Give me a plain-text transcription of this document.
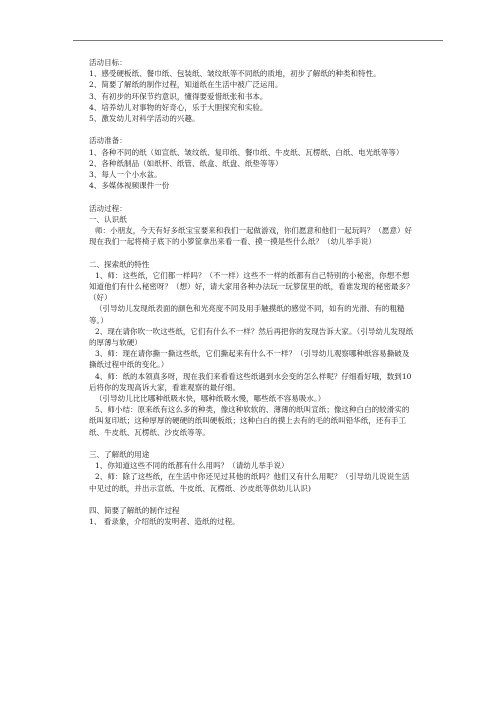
活动目标：

1、感受硬板纸、餐巾纸、包装纸、皱纹纸等不同纸的质地，初步了解纸的种类和特性。

2、简要了解纸的制作过程，知道纸在生活中被广泛运用。

3、有初步的环保节约意识，懂得要爱惜纸张和书本。

4、培养幼儿对事物的好奇心，乐于大胆探究和实验。

5、激发幼儿对科学活动的兴趣。

活动准备：

1、各种不同的纸（如宣纸、皱纹纸、复印纸、餐巾纸、牛皮纸、瓦楞纸、白纸、电光纸等等）

2、各种纸制品（如纸杯、纸管、纸盒、纸盘、纸垫等等）

3、每人一个小水盆。

4、多媒体视频课件一份

活动过程：

一、认识纸

师：小朋友，今天有好多纸宝宝要来和我们一起做游戏，你们愿意和他们一起玩吗？（愿意）好现在我们一起将椅子底下的小箩筐拿出来看一看、摸一摸是些什么纸？（幼儿举手说）

二、探索纸的特性

1、师：这些纸，它们都一样吗？（不一样）这些不一样的纸都有自己特别的小秘密，你想不想知道他们有什么秘密呀？（想）好，请大家用各种办法玩一玩箩筐里的纸，看谁发现的秘密最多？（好）

（引导幼儿发现纸表面的颜色和光亮度不同及用手触摸纸的感觉不同，如有的光滑、有的粗糙等。）

2、现在请你吹一吹这些纸，它们有什么不一样？然后再把你的发现告诉大家。（引导幼儿发现纸的厚薄与软硬）

3、师：现在请你撕一撕这些纸，它们撕起来有什么不一样？（引导幼儿观察哪种纸容易撕破及撕纸过程中纸的变化。）

4、师：纸的本领真多呀，现在我们来看看这些纸遇到水会变的怎么样呢？仔细看好哦，数到10后将你的发现高诉大家，看谁观察的最仔细。

（引导幼儿比比哪种纸吸水快，哪种纸吸水慢，哪些纸不容易吸水。）

5、师小结：原来纸有这么多的种类，像这种软软的、薄薄的纸叫宣纸；像这种白白的较滑实的纸叫复印纸；这种厚厚的硬硬的纸叫硬板纸；这种白白的摸上去有的毛的纸叫铅华纸，还有手工纸、牛皮纸、瓦楞纸、沙皮纸等等。

三、了解纸的用途

1、你知道这些不同的纸都有什么用吗？（请幼儿举手说）

2、师：除了这些纸，在生活中你还见过其他的纸吗？他们又有什么用呢？（引导幼儿说说生活中见过的纸，并出示宣纸、牛皮纸、瓦楞纸、沙皮纸等供幼儿认识)

四、简要了解纸的制作过程

1、 看录象，介绍纸的发明者、造纸的过程。
